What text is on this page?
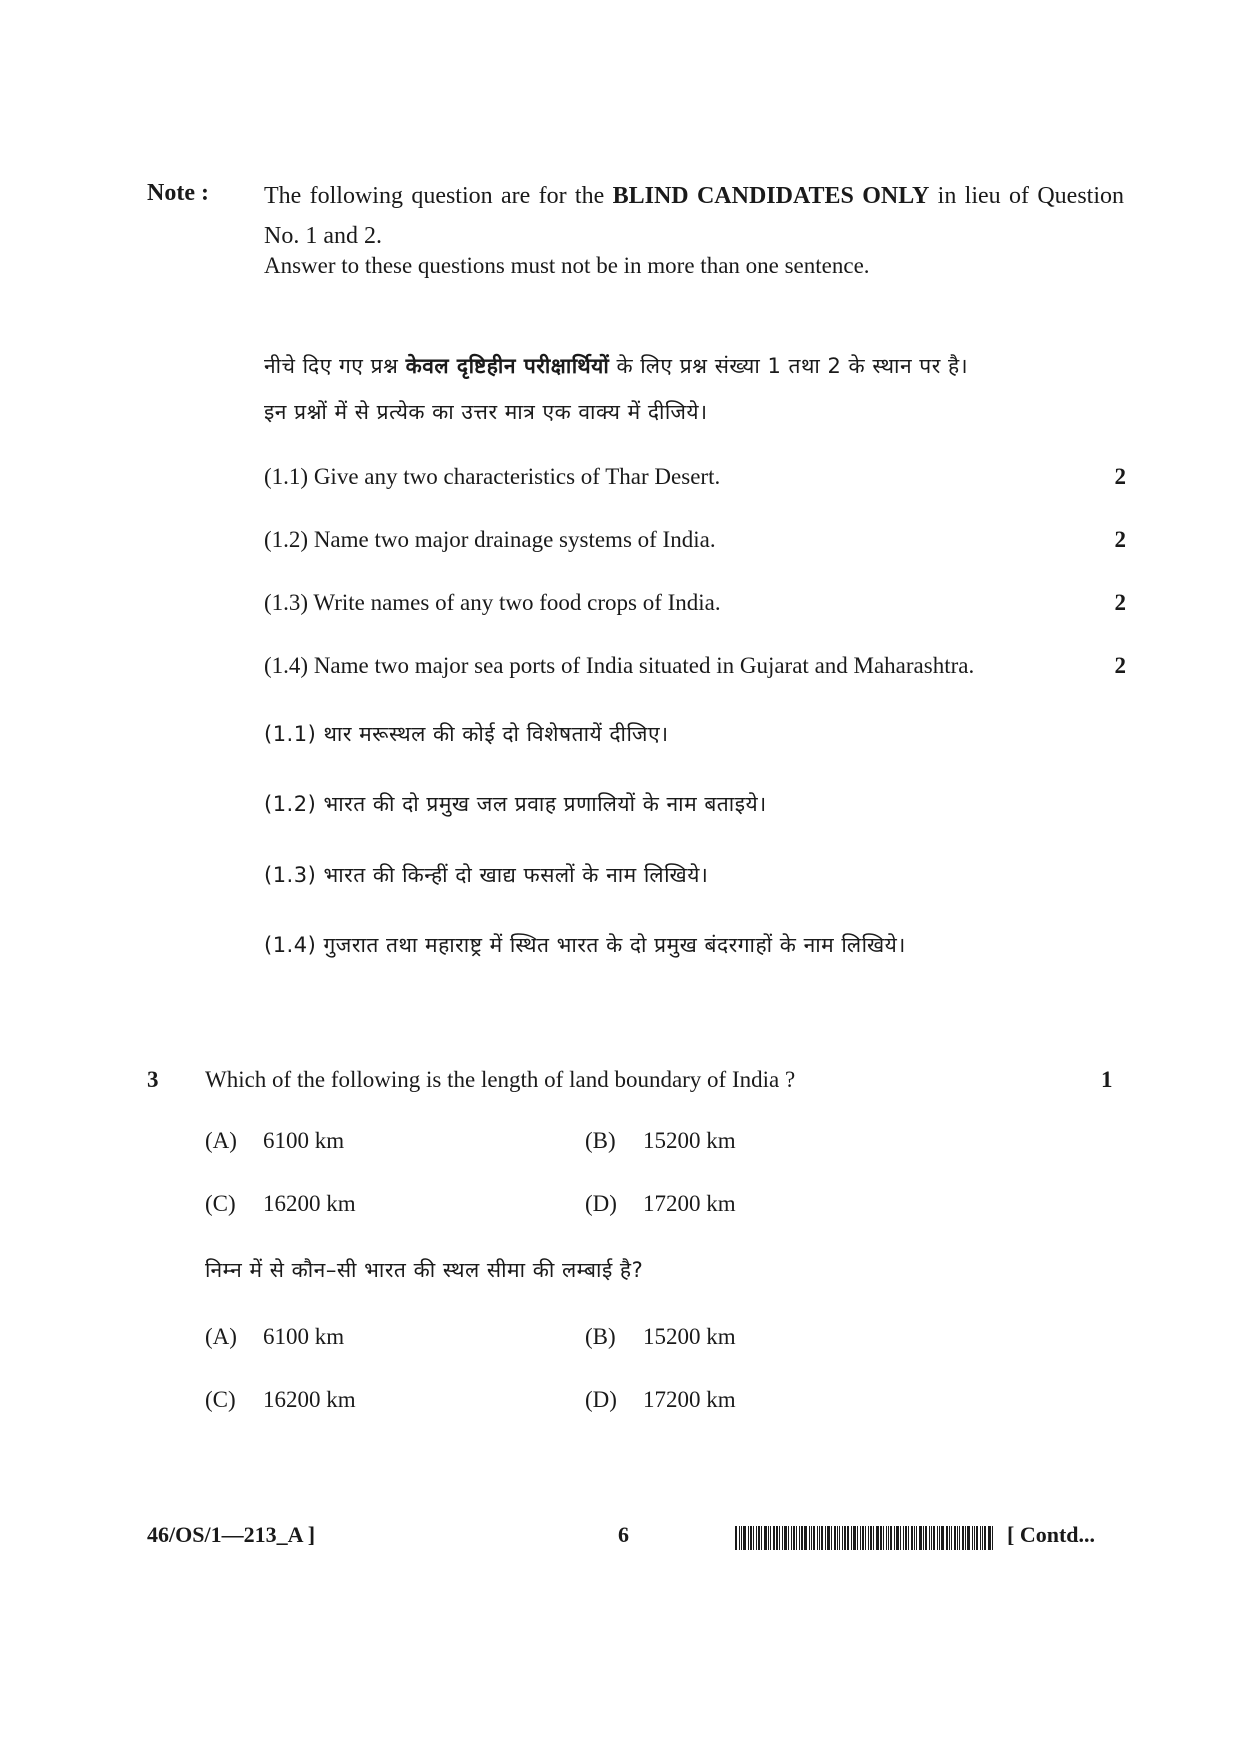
Note : The following question are for the BLIND CANDIDATES ONLY in lieu of Question No. 1 and 2.
Answer to these questions must not be in more than one sentence.
नीचे दिए गए प्रश्न केवल दृष्टिहीन परीक्षार्थियों के लिए प्रश्न संख्या 1 तथा 2 के स्थान पर है।
इन प्रश्नों में से प्रत्येक का उत्तर मात्र एक वाक्य में दीजिये।
(1.1) Give any two characteristics of Thar Desert.	2
(1.2) Name two major drainage systems of India.	2
(1.3) Write names of any two food crops of India.	2
(1.4) Name two major sea ports of India situated in Gujarat and Maharashtra.	2
(1.1) थार मरूस्थल की कोई दो विशेषतायें दीजिए।
(1.2) भारत की दो प्रमुख जल प्रवाह प्रणालियों के नाम बताइये।
(1.3) भारत की किन्हीं दो खाद्य फसलों के नाम लिखिये।
(1.4) गुजरात तथा महाराष्ट्र में स्थित भारत के दो प्रमुख बंदरगाहों के नाम लिखिये।
3 Which of the following is the length of land boundary of India ?	1
(A) 6100 km	(B) 15200 km
(C) 16200 km	(D) 17200 km
निम्न में से कौन–सी भारत की स्थल सीमा की लम्बाई है?
(A) 6100 km	(B) 15200 km
(C) 16200 km	(D) 17200 km
46/OS/1—213_A ]	6	[ Contd...
